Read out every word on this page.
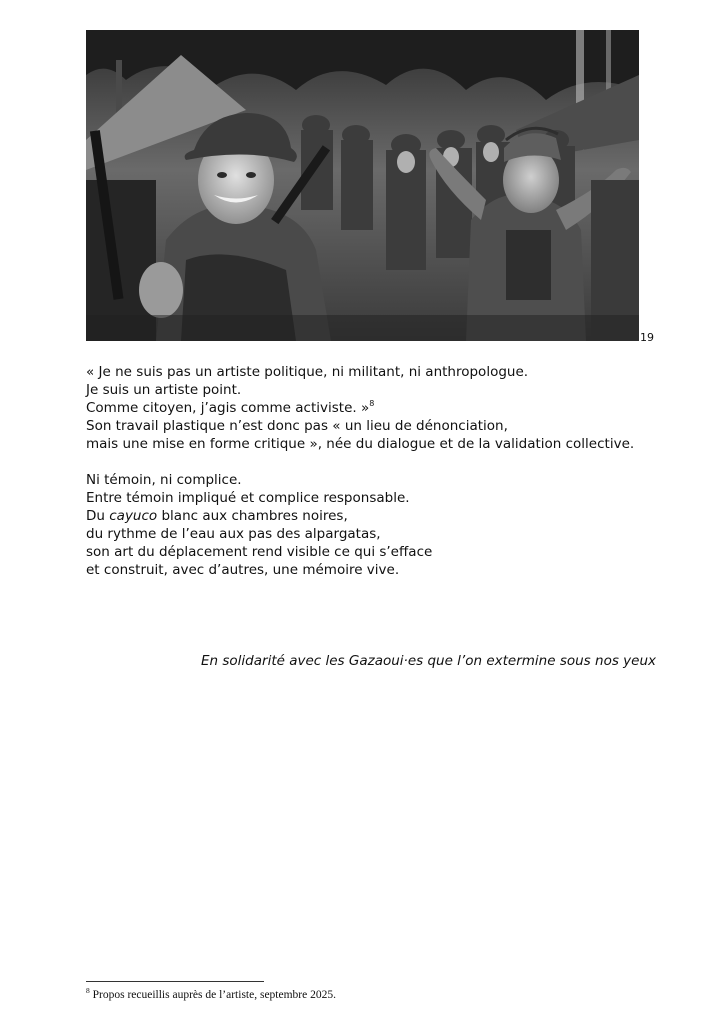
19
« Je ne suis pas un artiste politique, ni militant, ni anthropologue.
Je suis un artiste point.
Comme citoyen, j’agis comme activiste. »$^8$
Son travail plastique n’est donc pas « un lieu de dénonciation,
mais une mise en forme critique », née du dialogue et de la validation collective.
Ni témoin, ni complice.
Entre témoin impliqué et complice responsable.
Du cayuco blanc aux chambres noires,
du rythme de l’eau aux pas des alpargatas,
son art du déplacement rend visible ce qui s’efface
et construit, avec d’autres, une mémoire vive.
En solidarité avec les Gazaoui·es que l’on extermine sous nos yeux
$^8$ Propos recueillis auprès de l’artiste, septembre 2025.
